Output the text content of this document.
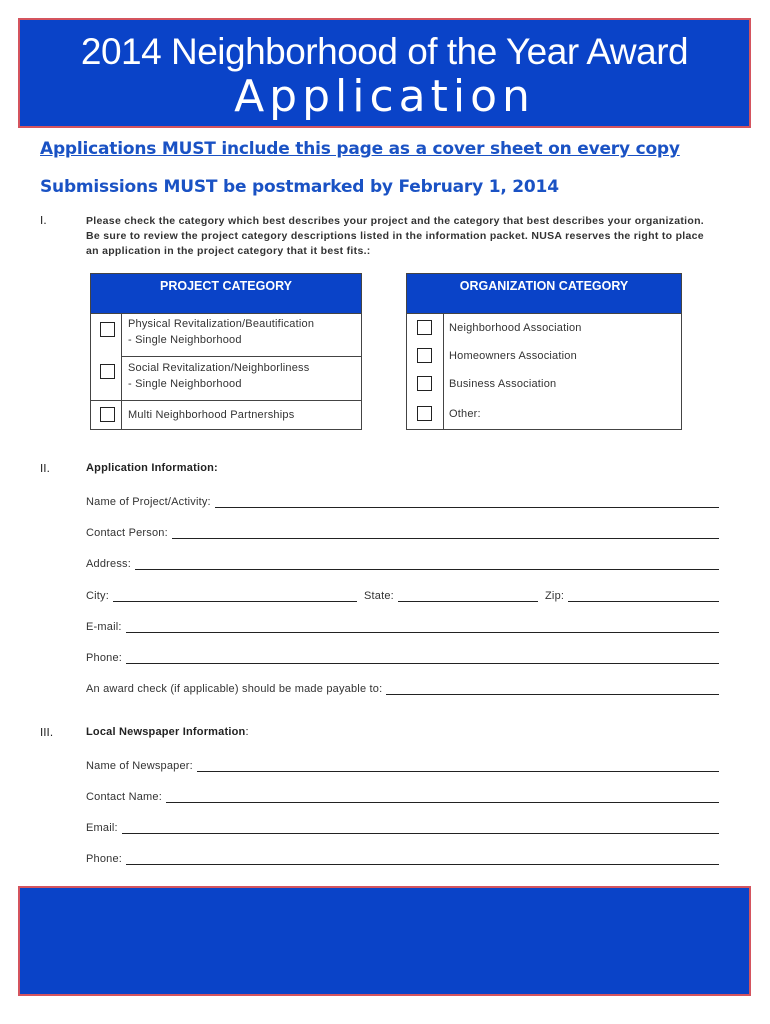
2014 Neighborhood of the Year Award
Application
Applications MUST include this page as a cover sheet on every copy
Submissions MUST be postmarked by February 1, 2014
I.	Please check the category which best describes your project and the category that best describes your organization. Be sure to review the project category descriptions listed in the information packet. NUSA reserves the right to place an application in the project category that it best fits.:
PROJECT CATEGORY
Physical Revitalization/Beautification
- Single Neighborhood
Social Revitalization/Neighborliness
- Single Neighborhood
Multi Neighborhood Partnerships
ORGANIZATION CATEGORY
Neighborhood Association
Homeowners Association
Business Association
Other:
II.	Application Information:
Name of Project/Activity:
Contact Person:
Address:
City:	State:	Zip:
E-mail:
Phone:
An award check (if applicable) should be made payable to:
III.	Local Newspaper Information:
Name of Newspaper:
Contact Name:
Email:
Phone:
